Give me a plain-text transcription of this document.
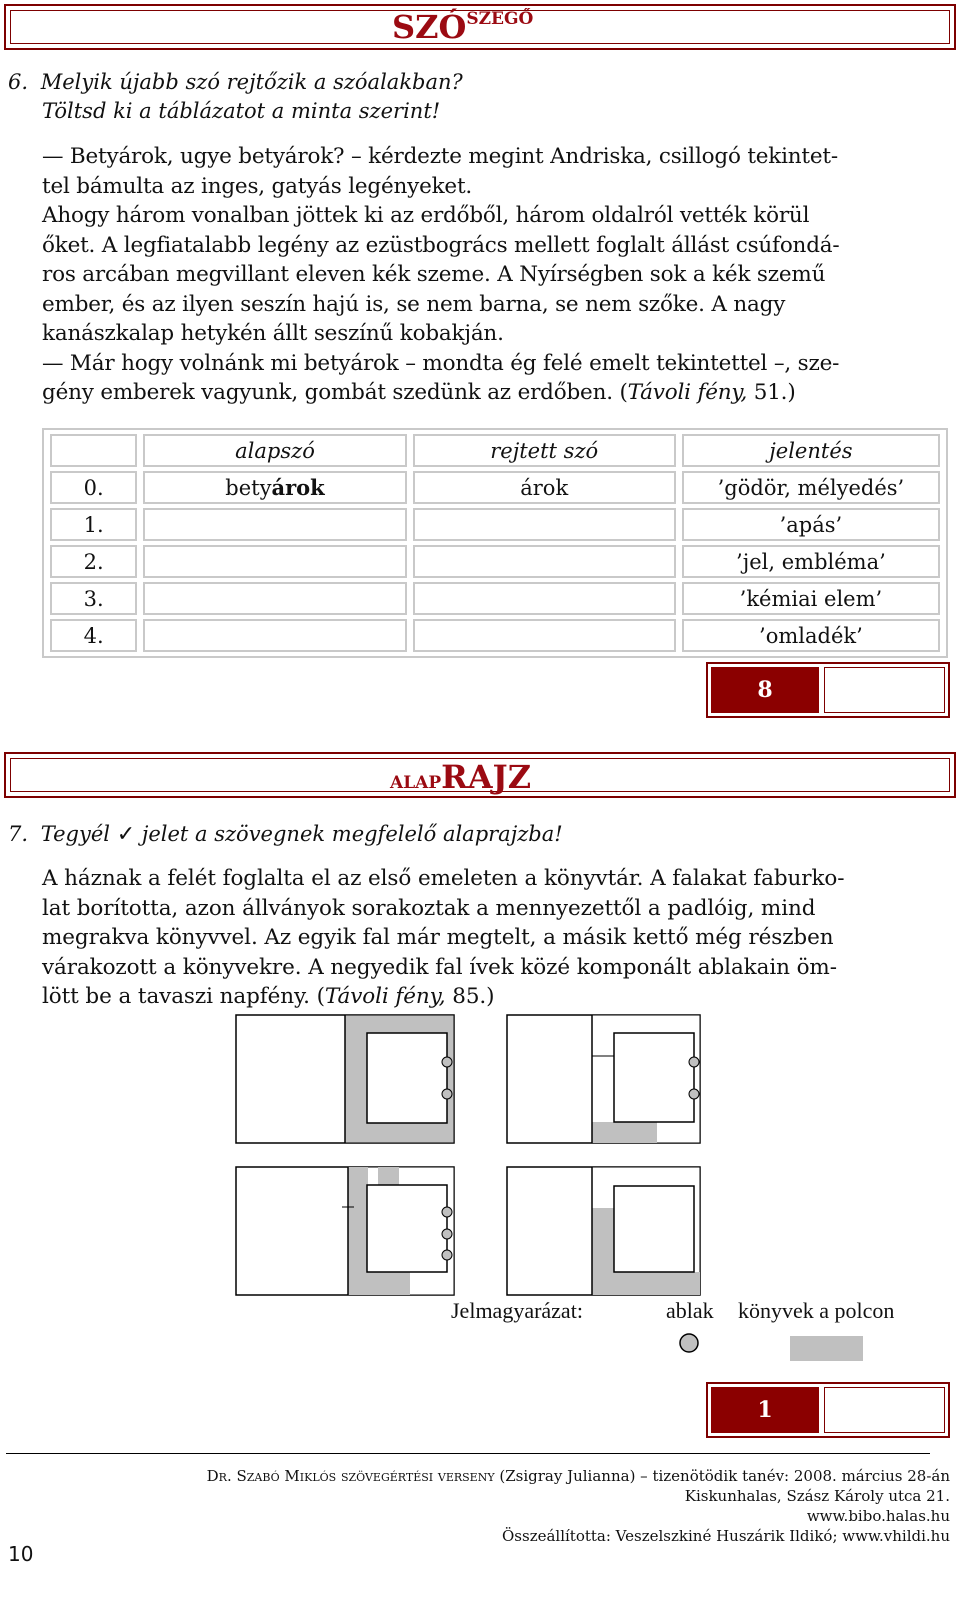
SZÓSZEGŐ
6. Melyik újabb szó rejtőzik a szóalakban?
Töltsd ki a táblázatot a minta szerint!

— Betyárok, ugye betyárok? – kérdezte megint Andriska, csillogó tekintet-

tel bámulta az inges, gatyás legényeket.

Ahogy három vonalban jöttek ki az erdőből, három oldalról vették körül

őket. A legfiatalabb legény az ezüstbogrács mellett foglalt állást csúfondá-

ros arcában megvillant eleven kék szeme. A Nyírségben sok a kék szemű

ember, és az ilyen seszín hajú is, se nem barna, se nem szőke. A nagy

kanászkalap hetykén állt seszínű kobakján.

— Már hogy volnánk mi betyárok – mondta ég felé emelt tekintettel –, sze-

gény emberek vagyunk, gombát szedünk az erdőben. (Távoli fény, 51.)

	alapszó	rejtett szó	jelentés
0.	betyárok	árok	’gödör, mélyedés’
1.			’apás’
2.			’jel, embléma’
3.			’kémiai elem’
4.			’omladék’
8
ALAPRAJZ
7. Tegyél ✓ jelet a szövegnek megfelelő alaprajzba!

A háznak a felét foglalta el az első emeleten a könyvtár. A falakat faburko-

lat borította, azon állványok sorakoztak a mennyezettől a padlóig, mind

megrakva könyvvel. Az egyik fal már megtelt, a másik kettő még részben

várakozott a könyvekre. A negyedik fal ívek közé komponált ablakain öm-

lött be a tavaszi napfény. (Távoli fény, 85.)

Jelmagyarázat:	ablak könyvek a polcon
1
Dr. Szabó Miklós szövegértési verseny (Zsigray Julianna) – tizenötödik tanév: 2008. március 28-án
Kiskunhalas, Szász Károly utca 21.
www.bibo.halas.hu
Összeállította: Veszelszkiné Huszárik Ildikó; www.vhildi.hu
10
